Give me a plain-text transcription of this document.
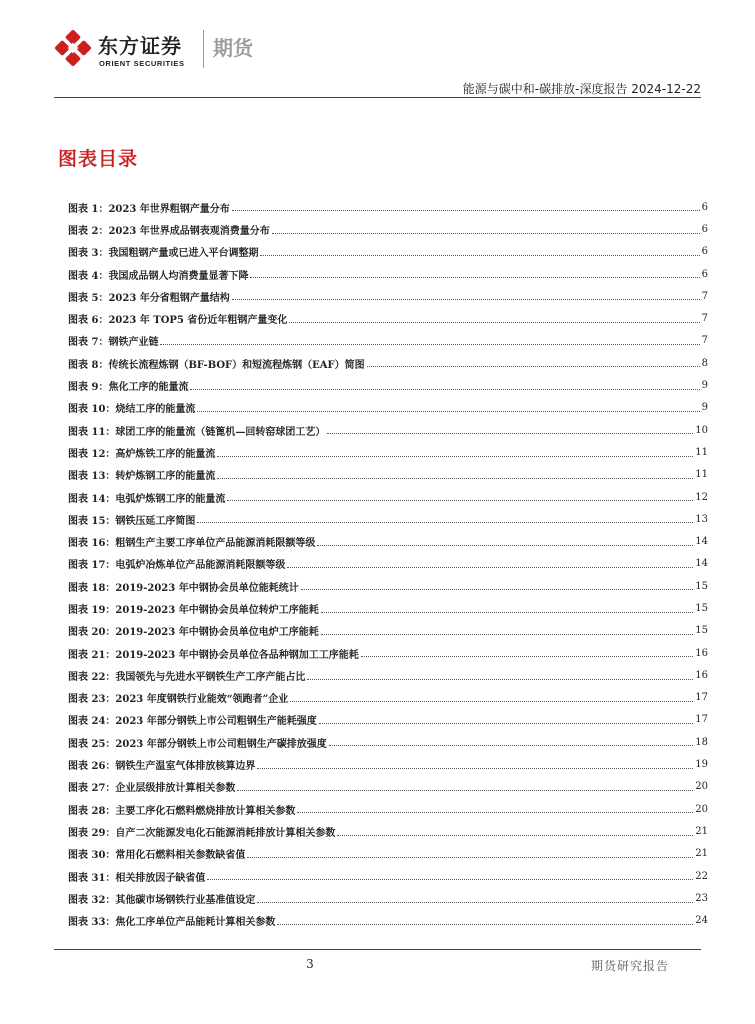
东方证券
ORIENT SECURITIES
期货
能源与碳中和-碳排放-深度报告 2024-12-22
图表目录
图表 1： 2023 年世界粗钢产量分布	6
图表 2： 2023 年世界成品钢表观消费量分布	6
图表 3： 我国粗钢产量或已进入平台调整期	6
图表 4： 我国成品钢人均消费量显著下降	6
图表 5： 2023 年分省粗钢产量结构	7
图表 6： 2023 年 TOP5 省份近年粗钢产量变化	7
图表 7： 钢铁产业链	7
图表 8： 传统长流程炼钢（BF-BOF）和短流程炼钢（EAF）简图	8
图表 9： 焦化工序的能量流	9
图表 10： 烧结工序的能量流	9
图表 11： 球团工序的能量流（链篦机—回转窑球团工艺）	10
图表 12： 高炉炼铁工序的能量流	11
图表 13： 转炉炼钢工序的能量流	11
图表 14： 电弧炉炼钢工序的能量流	12
图表 15： 钢铁压延工序简图	13
图表 16： 粗钢生产主要工序单位产品能源消耗限额等级	14
图表 17： 电弧炉冶炼单位产品能源消耗限额等级	14
图表 18： 2019-2023 年中钢协会员单位能耗统计	15
图表 19： 2019-2023 年中钢协会员单位转炉工序能耗	15
图表 20： 2019-2023 年中钢协会员单位电炉工序能耗	15
图表 21： 2019-2023 年中钢协会员单位各品种钢加工工序能耗	16
图表 22： 我国领先与先进水平钢铁生产工序产能占比	16
图表 23： 2023 年度钢铁行业能效“领跑者”企业	17
图表 24： 2023 年部分钢铁上市公司粗钢生产能耗强度	17
图表 25： 2023 年部分钢铁上市公司粗钢生产碳排放强度	18
图表 26： 钢铁生产温室气体排放核算边界	19
图表 27： 企业层级排放计算相关参数	20
图表 28： 主要工序化石燃料燃烧排放计算相关参数	20
图表 29： 自产二次能源发电化石能源消耗排放计算相关参数	21
图表 30： 常用化石燃料相关参数缺省值	21
图表 31： 相关排放因子缺省值	22
图表 32： 其他碳市场钢铁行业基准值设定	23
图表 33： 焦化工序单位产品能耗计算相关参数	24
3	期货研究报告
